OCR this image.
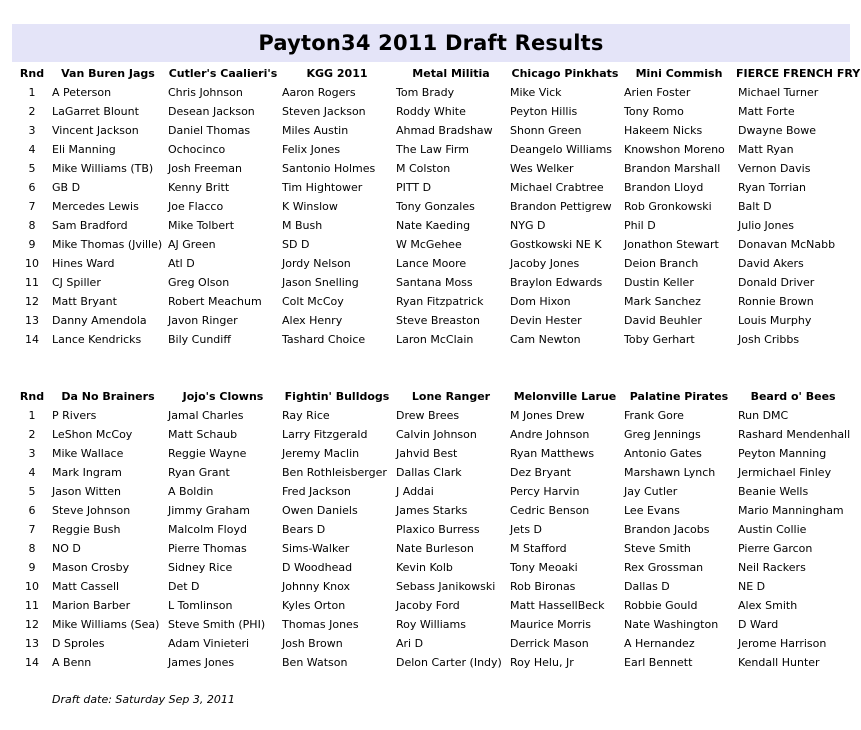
Payton34 2011 Draft Results
Rnd	Van Buren Jags	Cutler's Caalieri's	KGG 2011	Metal Militia	Chicago Pinkhats	Mini Commish	FIERCE FRENCH FRY
1	A Peterson	Chris Johnson	Aaron Rogers	Tom Brady	Mike Vick	Arien Foster	Michael Turner
2	LaGarret Blount	Desean Jackson	Steven Jackson	Roddy White	Peyton Hillis	Tony Romo	Matt Forte
3	Vincent Jackson	Daniel Thomas	Miles Austin	Ahmad Bradshaw	Shonn Green	Hakeem Nicks	Dwayne Bowe
4	Eli Manning	Ochocinco	Felix Jones	The Law Firm	Deangelo Williams	Knowshon Moreno	Matt Ryan
5	Mike Williams (TB)	Josh Freeman	Santonio Holmes	M Colston	Wes Welker	Brandon Marshall	Vernon Davis
6	GB D	Kenny Britt	Tim Hightower	PITT D	Michael Crabtree	Brandon Lloyd	Ryan Torrian
7	Mercedes Lewis	Joe Flacco	K Winslow	Tony Gonzales	Brandon Pettigrew	Rob Gronkowski	Balt D
8	Sam Bradford	Mike Tolbert	M Bush	Nate Kaeding	NYG D	Phil D	Julio Jones
9	Mike Thomas (Jville)	AJ Green	SD D	W McGehee	Gostkowski NE K	Jonathon Stewart	Donavan McNabb
10	Hines Ward	Atl D	Jordy Nelson	Lance Moore	Jacoby Jones	Deion Branch	David Akers
11	CJ Spiller	Greg Olson	Jason Snelling	Santana Moss	Braylon Edwards	Dustin Keller	Donald Driver
12	Matt Bryant	Robert Meachum	Colt McCoy	Ryan Fitzpatrick	Dom Hixon	Mark Sanchez	Ronnie Brown
13	Danny Amendola	Javon Ringer	Alex Henry	Steve Breaston	Devin Hester	David Beuhler	Louis Murphy
14	Lance Kendricks	Bily Cundiff	Tashard Choice	Laron McClain	Cam Newton	Toby Gerhart	Josh Cribbs
Rnd	Da No Brainers	Jojo's Clowns	Fightin' Bulldogs	Lone Ranger	Melonville Larue	Palatine Pirates	Beard o' Bees
1	P Rivers	Jamal Charles	Ray Rice	Drew Brees	M Jones Drew	Frank Gore	Run DMC
2	LeShon McCoy	Matt Schaub	Larry Fitzgerald	Calvin Johnson	Andre Johnson	Greg Jennings	Rashard Mendenhall
3	Mike Wallace	Reggie Wayne	Jeremy Maclin	Jahvid Best	Ryan Matthews	Antonio Gates	Peyton Manning
4	Mark Ingram	Ryan Grant	Ben Rothleisberger	Dallas Clark	Dez Bryant	Marshawn Lynch	Jermichael Finley
5	Jason Witten	A Boldin	Fred Jackson	J Addai	Percy Harvin	Jay Cutler	Beanie Wells
6	Steve Johnson	Jimmy Graham	Owen Daniels	James Starks	Cedric Benson	Lee Evans	Mario Manningham
7	Reggie Bush	Malcolm Floyd	Bears D	Plaxico Burress	Jets D	Brandon Jacobs	Austin Collie
8	NO D	Pierre Thomas	Sims-Walker	Nate Burleson	M Stafford	Steve Smith	Pierre Garcon
9	Mason Crosby	Sidney Rice	D Woodhead	Kevin Kolb	Tony Meoaki	Rex Grossman	Neil Rackers
10	Matt Cassell	Det D	Johnny Knox	Sebass Janikowski	Rob Bironas	Dallas D	NE D
11	Marion Barber	L Tomlinson	Kyles Orton	Jacoby Ford	Matt HassellBeck	Robbie Gould	Alex Smith
12	Mike Williams (Sea)	Steve Smith (PHI)	Thomas Jones	Roy Williams	Maurice Morris	Nate Washington	D Ward
13	D Sproles	Adam Vinieteri	Josh Brown	Ari D	Derrick Mason	A Hernandez	Jerome Harrison
14	A Benn	James Jones	Ben Watson	Delon Carter (Indy)	Roy Helu, Jr	Earl Bennett	Kendall Hunter
Draft date: Saturday Sep 3, 2011
